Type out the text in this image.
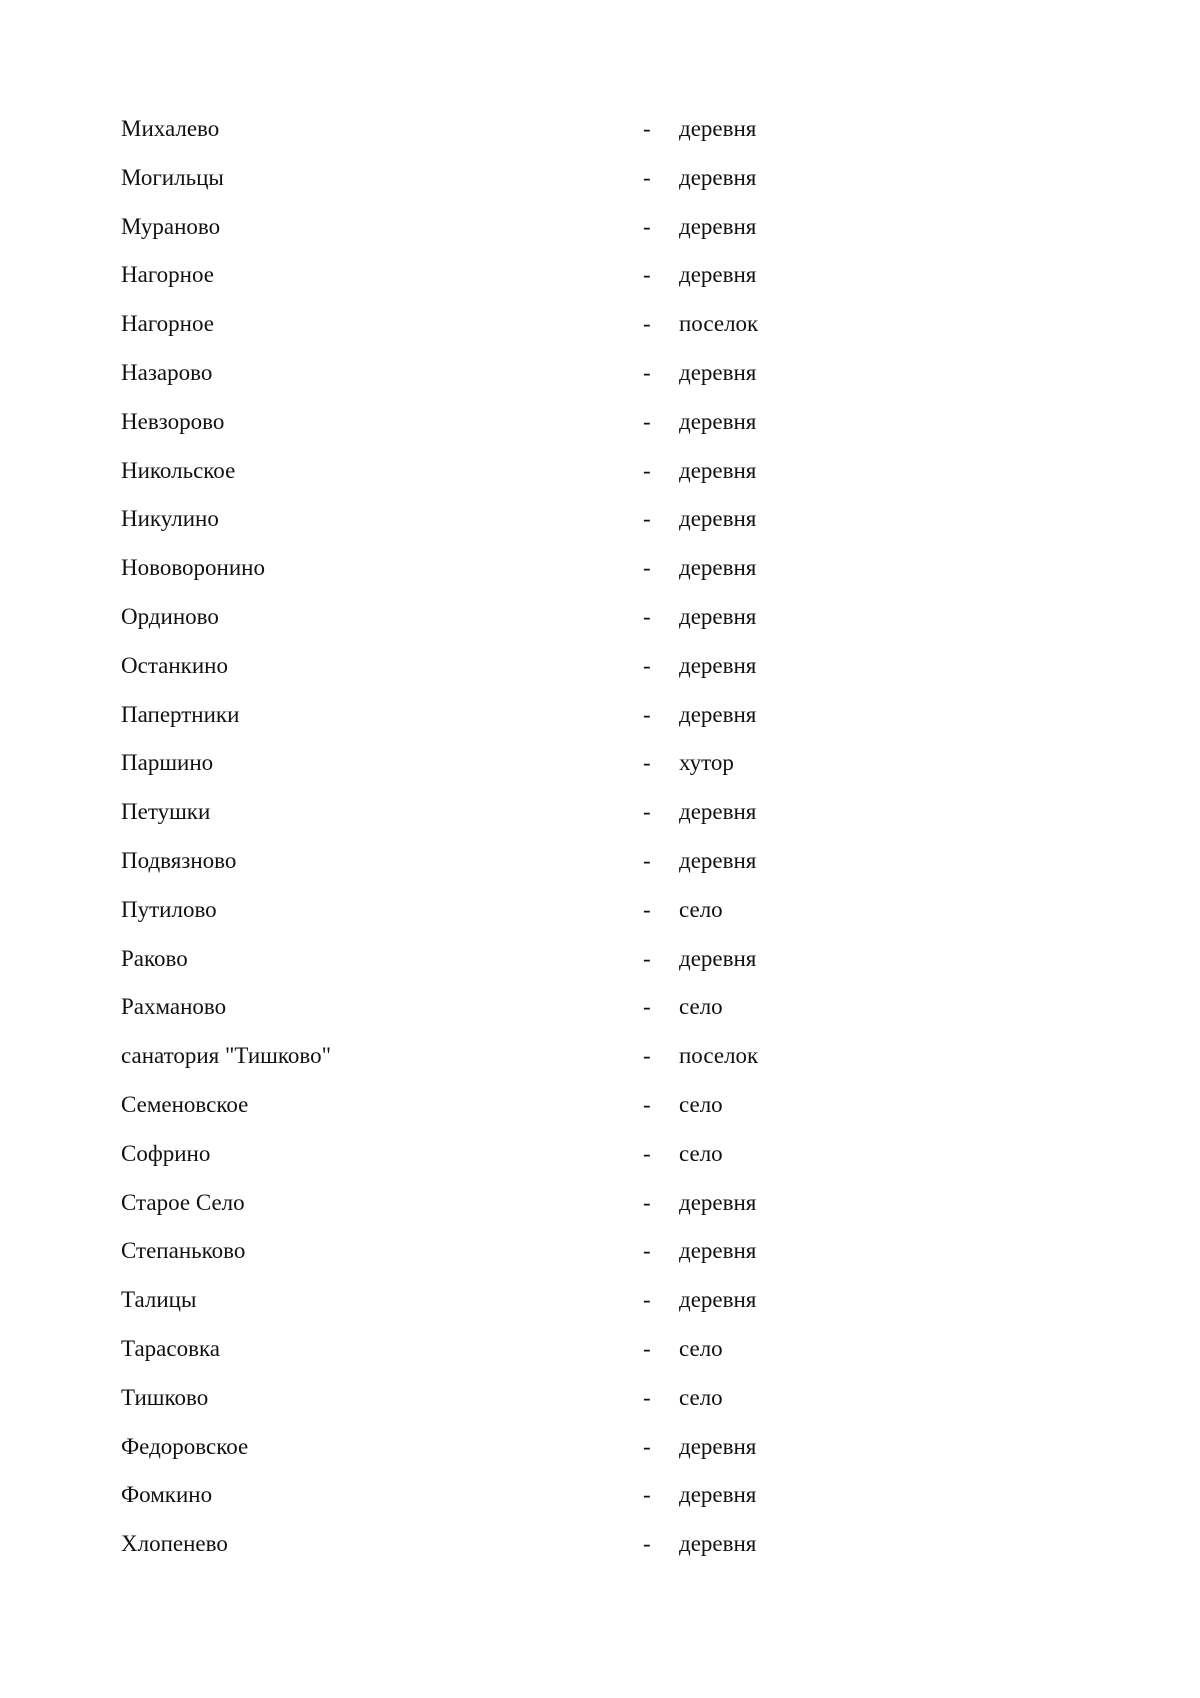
Михалево	- деревня
Могильцы	- деревня
Мураново	- деревня
Нагорное	- деревня
Нагорное	- поселок
Назарово	- деревня
Невзорово	- деревня
Никольское	- деревня
Никулино	- деревня
Нововоронино	- деревня
Ординово	- деревня
Останкино	- деревня
Папертники	- деревня
Паршино	- хутор
Петушки	- деревня
Подвязново	- деревня
Путилово	- село
Раково	- деревня
Рахманово	- село
санатория "Тишково"	- поселок
Семеновское	- село
Софрино	- село
Старое Село	- деревня
Степаньково	- деревня
Талицы	- деревня
Тарасовка	- село
Тишково	- село
Федоровское	- деревня
Фомкино	- деревня
Хлопенево	- деревня
